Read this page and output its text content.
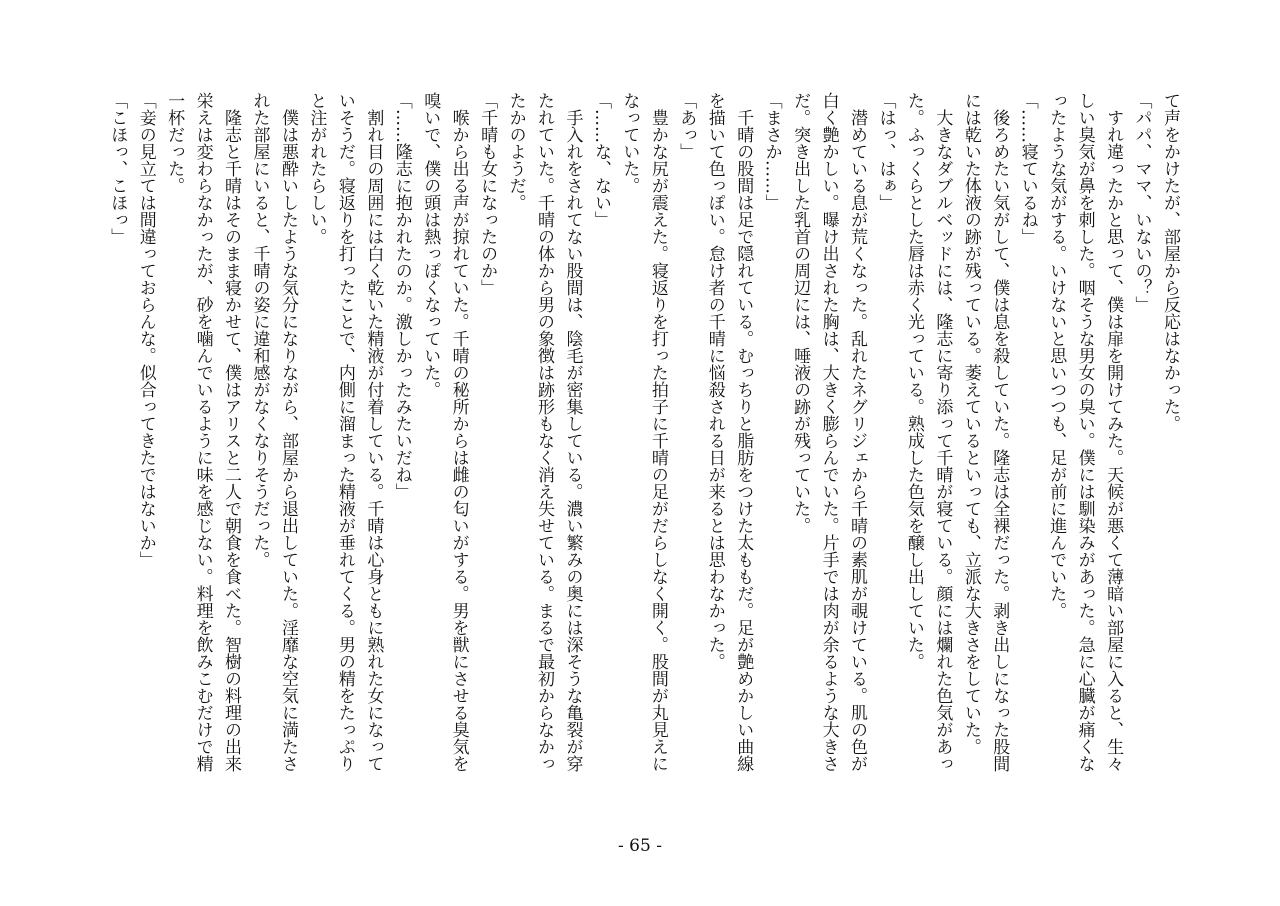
て声をかけたが、部屋から反応はなかった。
「パパ、ママ、いないの？」
　すれ違ったかと思って、僕は扉を開けてみた。天候が悪くて薄暗い部屋に入ると、生々
しい臭気が鼻を刺した。咽そうな男女の臭い。僕には馴染みがあった。急に心臓が痛くな
ったような気がする。いけないと思いつつも、足が前に進んでいた。
「……寝ているね」
　後ろめたい気がして、僕は息を殺していた。隆志は全裸だった。剥き出しになった股間
には乾いた体液の跡が残っている。萎えているといっても、立派な大きさをしていた。
　大きなダブルベッドには、隆志に寄り添って千晴が寝ている。顔には爛れた色気があっ
た。ふっくらとした唇は赤く光っている。熟成した色気を醸し出していた。
「はっ、はぁ」
　潜めている息が荒くなった。乱れたネグリジェから千晴の素肌が覗けている。肌の色が
白く艶かしい。曝け出された胸は、大きく膨らんでいた。片手では肉が余るような大きさ
だ。突き出した乳首の周辺には、唾液の跡が残っていた。
「まさか……」
　千晴の股間は足で隠れている。むっちりと脂肪をつけた太ももだ。足が艶めかしい曲線
を描いて色っぽい。怠け者の千晴に悩殺される日が来るとは思わなかった。
「あっ」
　豊かな尻が震えた。寝返りを打った拍子に千晴の足がだらしなく開く。股間が丸見えに
なっていた。
「……な、ない」
　手入れをされてない股間は、陰毛が密集している。濃い繁みの奥には深そうな亀裂が穿
たれていた。千晴の体から男の象徴は跡形もなく消え失せている。まるで最初からなかっ
たかのようだ。
「千晴も女になったのか」
　喉から出る声が掠れていた。千晴の秘所からは雌の匂いがする。男を獣にさせる臭気を
嗅いで、僕の頭は熱っぽくなっていた。
「……隆志に抱かれたのか。激しかったみたいだね」
　割れ目の周囲には白く乾いた精液が付着している。千晴は心身ともに熟れた女になって
いそうだ。寝返りを打ったことで、内側に溜まった精液が垂れてくる。男の精をたっぷり
と注がれたらしい。
　僕は悪酔いしたような気分になりながら、部屋から退出していた。淫靡な空気に満たさ
れた部屋にいると、千晴の姿に違和感がなくなりそうだった。
　隆志と千晴はそのまま寝かせて、僕はアリスと二人で朝食を食べた。智樹の料理の出来
栄えは変わらなかったが、砂を噛んでいるように味を感じない。料理を飲みこむだけで精
一杯だった。
「妾の見立ては間違っておらんな。似合ってきたではないか」
「こほっ、こほっ」
- 65 -
